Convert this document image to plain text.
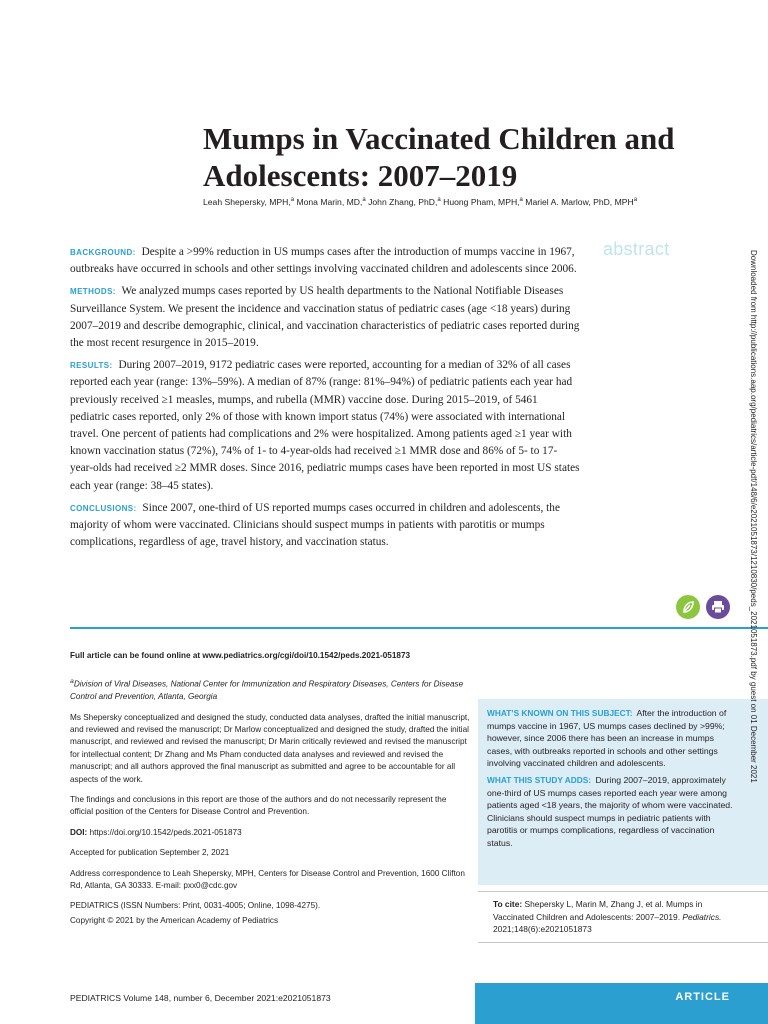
Mumps in Vaccinated Children and Adolescents: 2007–2019
Leah Shepersky, MPH,$^a$ Mona Marin, MD,$^a$ John Zhang, PhD,$^a$ Huong Pham, MPH,$^a$ Mariel A. Marlow, PhD, MPH$^a$
abstract

BACKGROUND: Despite a >99% reduction in US mumps cases after the introduction of mumps vaccine in 1967, outbreaks have occurred in schools and other settings involving vaccinated children and adolescents since 2006.

METHODS: We analyzed mumps cases reported by US health departments to the National Notifiable Diseases Surveillance System. We present the incidence and vaccination status of pediatric cases (age <18 years) during 2007–2019 and describe demographic, clinical, and vaccination characteristics of pediatric cases reported during the most recent resurgence in 2015–2019.

RESULTS: During 2007–2019, 9172 pediatric cases were reported, accounting for a median of 32% of all cases reported each year (range: 13%–59%). A median of 87% (range: 81%–94%) of pediatric patients each year had previously received ≥1 measles, mumps, and rubella (MMR) vaccine dose. During 2015–2019, of 5461 pediatric cases reported, only 2% of those with known import status (74%) were associated with international travel. One percent of patients had complications and 2% were hospitalized. Among patients aged ≥1 year with known vaccination status (72%), 74% of 1- to 4-year-olds had received ≥1 MMR dose and 86% of 5- to 17-year-olds had received ≥2 MMR doses. Since 2016, pediatric mumps cases have been reported in most US states each year (range: 38–45 states).

CONCLUSIONS: Since 2007, one-third of US reported mumps cases occurred in children and adolescents, the majority of whom were vaccinated. Clinicians should suspect mumps in patients with parotitis or mumps complications, regardless of age, travel history, and vaccination status.

Full article can be found online at www.pediatrics.org/cgi/doi/10.1542/peds.2021-051873

$^a$Division of Viral Diseases, National Center for Immunization and Respiratory Diseases, Centers for Disease Control and Prevention, Atlanta, Georgia

Ms Shepersky conceptualized and designed the study, conducted data analyses, drafted the initial manuscript, and reviewed and revised the manuscript; Dr Marlow conceptualized and designed the study, drafted the initial manuscript, and reviewed and revised the manuscript; Dr Marin critically reviewed and revised the manuscript for intellectual content; Dr Zhang and Ms Pham conducted data analyses and reviewed and revised the manuscript; and all authors approved the final manuscript as submitted and agree to be accountable for all aspects of the work.

The findings and conclusions in this report are those of the authors and do not necessarily represent the official position of the Centers for Disease Control and Prevention.

DOI: https://doi.org/10.1542/peds.2021-051873

Accepted for publication September 2, 2021

Address correspondence to Leah Shepersky, MPH, Centers for Disease Control and Prevention, 1600 Clifton Rd, Atlanta, GA 30333. E-mail: pxx0@cdc.gov

PEDIATRICS (ISSN Numbers: Print, 0031-4005; Online, 1098-4275).

Copyright © 2021 by the American Academy of Pediatrics

WHAT’S KNOWN ON THIS SUBJECT: After the introduction of mumps vaccine in 1967, US mumps cases declined by >99%; however, since 2006 there has been an increase in mumps cases, with outbreaks reported in schools and other settings involving vaccinated children and adolescents.

WHAT THIS STUDY ADDS: During 2007–2019, approximately one-third of US mumps cases reported each year were among patients aged <18 years, the majority of whom were vaccinated. Clinicians should suspect mumps in pediatric patients with parotitis or mumps complications, regardless of vaccination status.

To cite: Shepersky L, Marin M, Zhang J, et al. Mumps in Vaccinated Children and Adolescents: 2007–2019. Pediatrics. 2021;148(6):e2021051873
PEDIATRICS Volume 148, number 6, December 2021:e2021051873	ARTICLE
Downloaded from http://publications.aap.org/pediatrics/article-pdf/148/6/e2021051873/1210830/peds_2021051873.pdf by guest on 01 December 2021
